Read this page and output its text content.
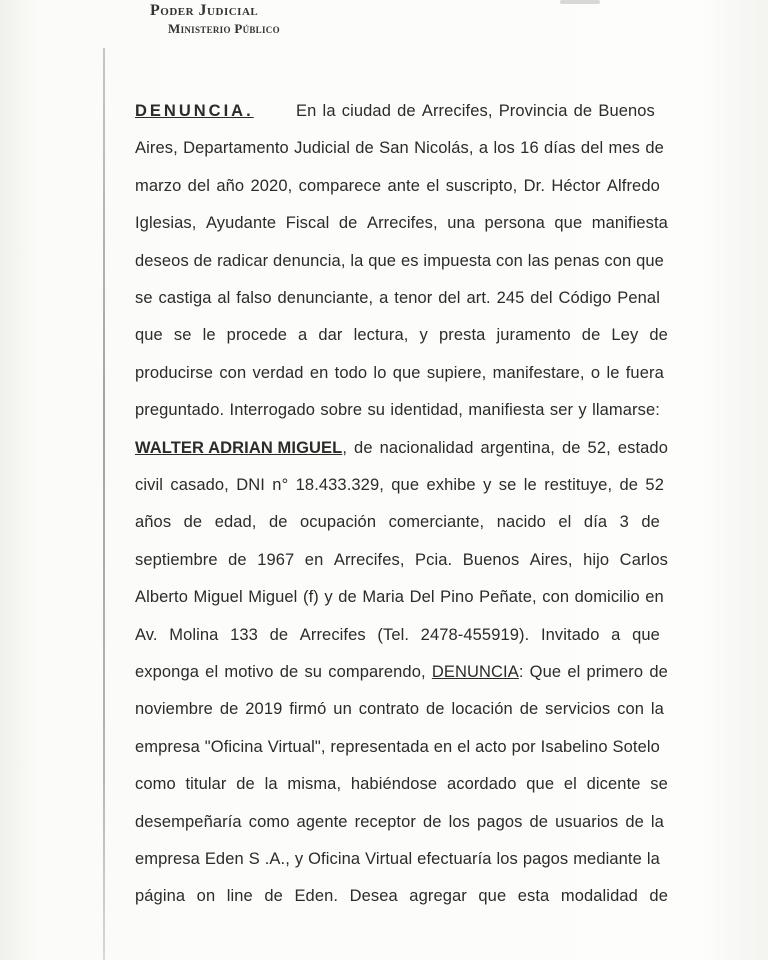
Poder Judicial
Ministerio Público
DENUNCIA.	En la ciudad de Arrecifes, Provincia de Buenos
Aires, Departamento Judicial de San Nicolás, a los 16 días del mes de
marzo del año 2020, comparece ante el suscripto, Dr. Héctor Alfredo
Iglesias, Ayudante Fiscal de Arrecifes, una persona que manifiesta
deseos de radicar denuncia, la que es impuesta con las penas con que
se castiga al falso denunciante, a tenor del art. 245 del Código Penal
que se le procede a dar lectura, y presta juramento de Ley de
producirse con verdad en todo lo que supiere, manifestare, o le fuera
preguntado. Interrogado sobre su identidad, manifiesta ser y llamarse:
WALTER ADRIAN MIGUEL, de nacionalidad argentina, de 52, estado
civil casado, DNI n° 18.433.329, que exhibe y se le restituye, de 52
años de edad, de ocupación comerciante, nacido el día 3 de
septiembre de 1967 en Arrecifes, Pcia. Buenos Aires, hijo Carlos
Alberto Miguel Miguel (f) y de Maria Del Pino Peñate, con domicilio en
Av. Molina 133 de Arrecifes (Tel. 2478-455919). Invitado a que
exponga el motivo de su comparendo, DENUNCIA: Que el primero de
noviembre de 2019 firmó un contrato de locación de servicios con la
empresa "Oficina Virtual", representada en el acto por Isabelino Sotelo
como titular de la misma, habiéndose acordado que el dicente se
desempeñaría como agente receptor de los pagos de usuarios de la
empresa Eden S .A., y Oficina Virtual efectuaría los pagos mediante la
página on line de Eden. Desea agregar que esta modalidad de
